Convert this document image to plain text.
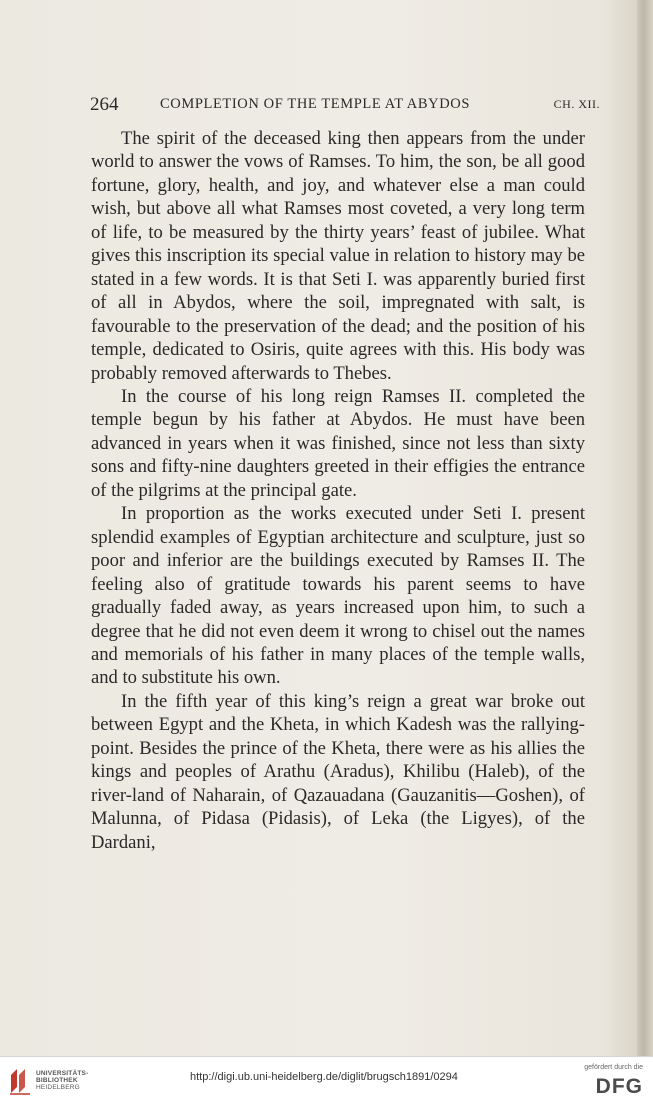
264	COMPLETION OF THE TEMPLE AT ABYDOS	CH. XII.

The spirit of the deceased king then appears from the under world to answer the vows of Ramses. To him, the son, be all good fortune, glory, health, and joy, and whatever else a man could wish, but above all what Ramses most coveted, a very long term of life, to be measured by the thirty years’ feast of jubilee. What gives this inscription its special value in relation to history may be stated in a few words. It is that Seti I. was apparently buried first of all in Abydos, where the soil, impregnated with salt, is favourable to the preservation of the dead; and the position of his temple, dedicated to Osiris, quite agrees with this. His body was probably removed afterwards to Thebes.

In the course of his long reign Ramses II. completed the temple begun by his father at Abydos. He must have been advanced in years when it was finished, since not less than sixty sons and fifty-nine daughters greeted in their effigies the entrance of the pilgrims at the principal gate.

In proportion as the works executed under Seti I. present splendid examples of Egyptian architecture and sculpture, just so poor and inferior are the buildings executed by Ramses II. The feeling also of gratitude towards his parent seems to have gradually faded away, as years increased upon him, to such a degree that he did not even deem it wrong to chisel out the names and memorials of his father in many places of the temple walls, and to substitute his own.

In the fifth year of this king’s reign a great war broke out between Egypt and the Kheta, in which Kadesh was the rallying-point. Besides the prince of the Kheta, there were as his allies the kings and peoples of Arathu (Aradus), Khilibu (Haleb), of the river-land of Naharain, of Qazauadana (Gauzanitis—Goshen), of Malunna, of Pidasa (Pidasis), of Leka (the Ligyes), of the Dardani,

UNIVERSITÄTS-
BIBLIOTHEK
HEIDELBERG
http://digi.ub.uni-heidelberg.de/diglit/brugsch1891/0294
gefördert durch die
DFG
